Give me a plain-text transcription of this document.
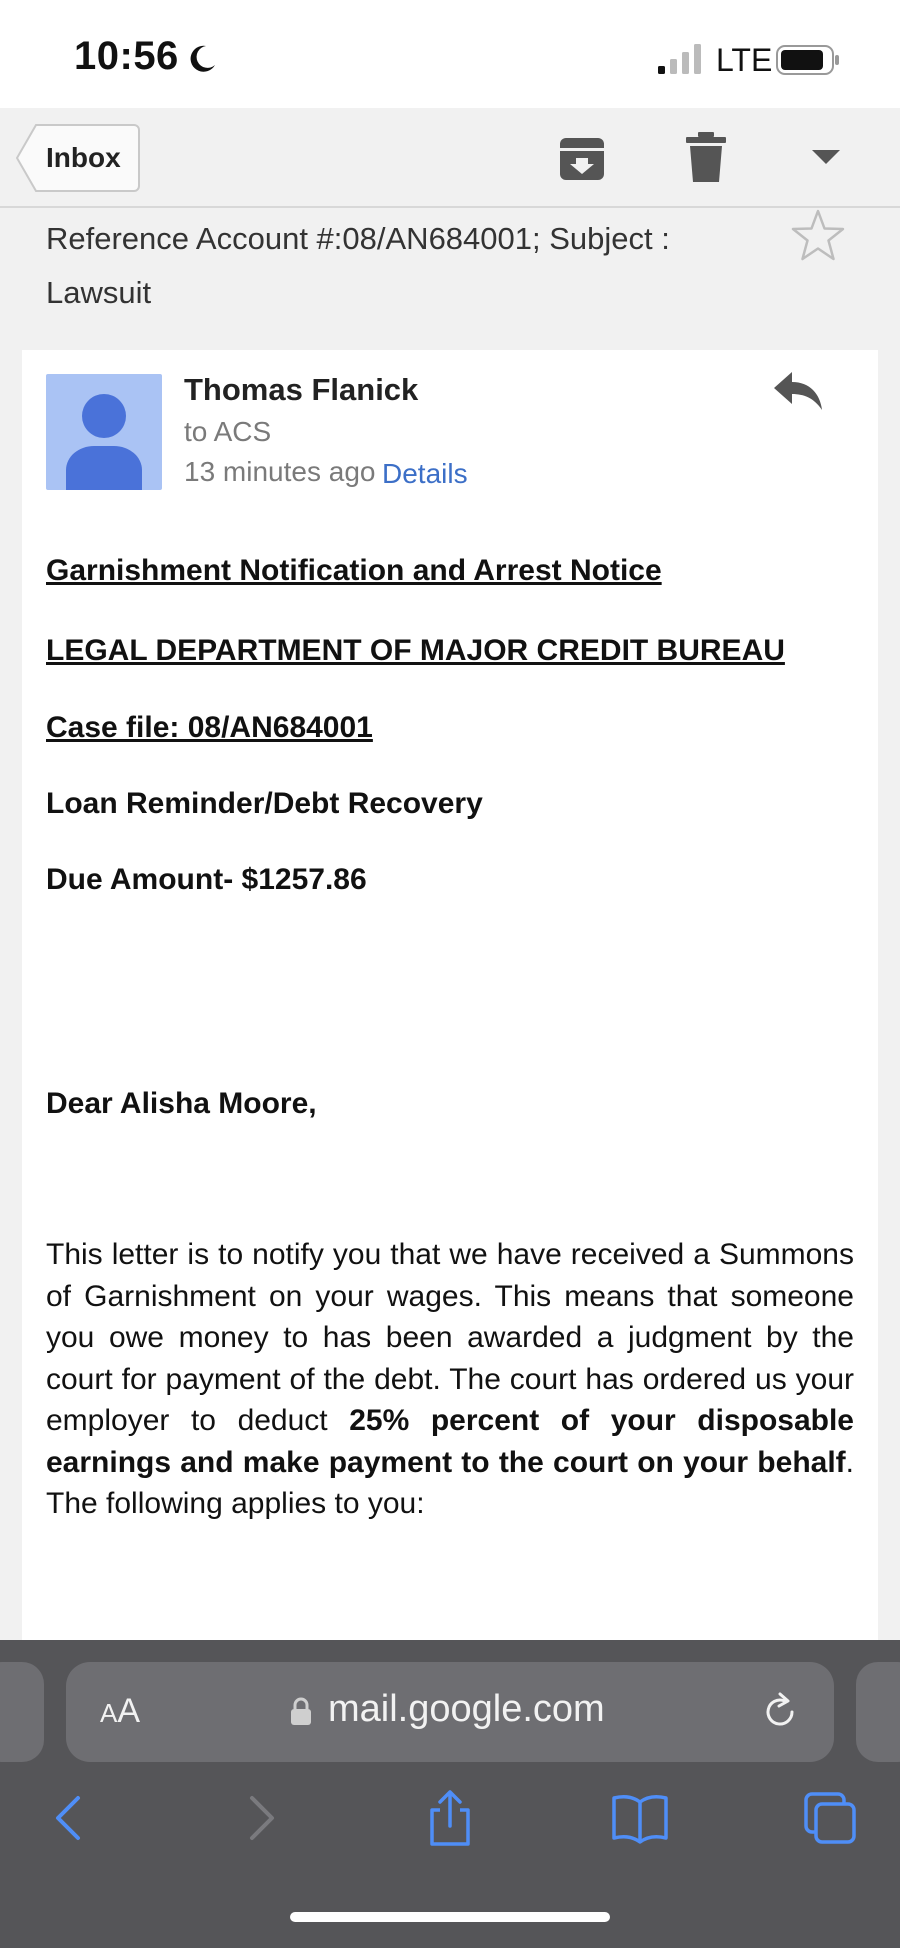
10:56	LTE
Inbox
Reference Account #:08/AN684001; Subject : Lawsuit
Thomas Flanick
to ACS
13 minutes ago Details
Garnishment Notification and Arrest Notice
LEGAL DEPARTMENT OF MAJOR CREDIT BUREAU
Case file: 08/AN684001
Loan Reminder/Debt Recovery
Due Amount- $1257.86
Dear Alisha Moore,
This letter is to notify you that we have received a Summons of Garnishment on your wages. This means that someone you owe money to has been awarded a judgment by the court for payment of the debt. The court has ordered us your employer to deduct 25% percent of your disposable earnings and make payment to the court on your behalf. The following applies to you:
AA	mail.google.com
